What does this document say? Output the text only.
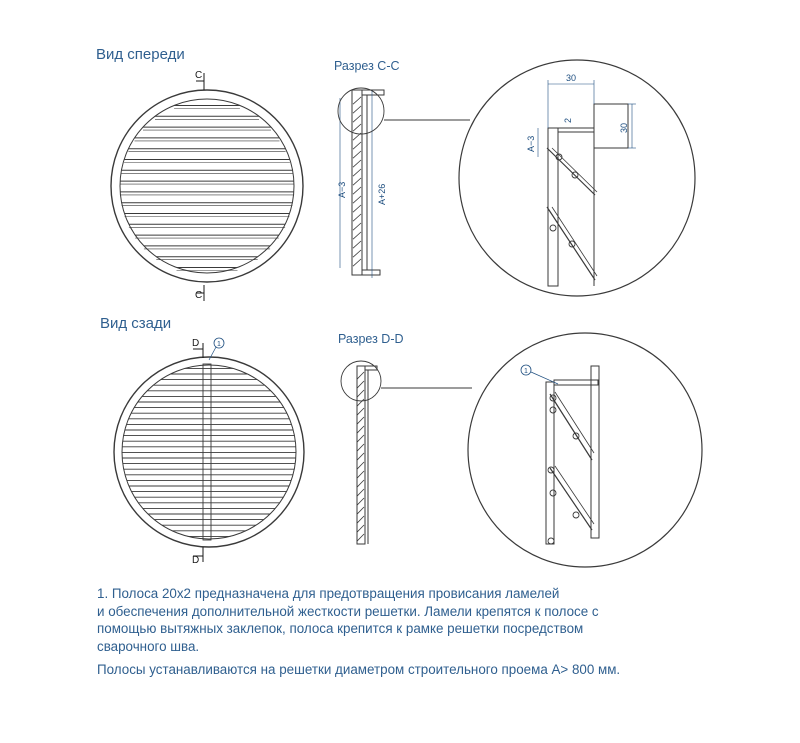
Вид спереди
Вид сзади
Разрез С-С
Разрез D-D
С
С
D
D
1
A−3	A+26
30
30
2
A−3
1

1. Полоса 20х2 предназначена для предотвращения провисания ламелей

и обеспечения дополнительной жесткости решетки. Ламели крепятся к полосе с

помощью вытяжных заклепок, полоса крепится к рамке решетки посредством

сварочного шва.

Полосы устанавливаются на решетки диаметром строительного проема А> 800 мм.
